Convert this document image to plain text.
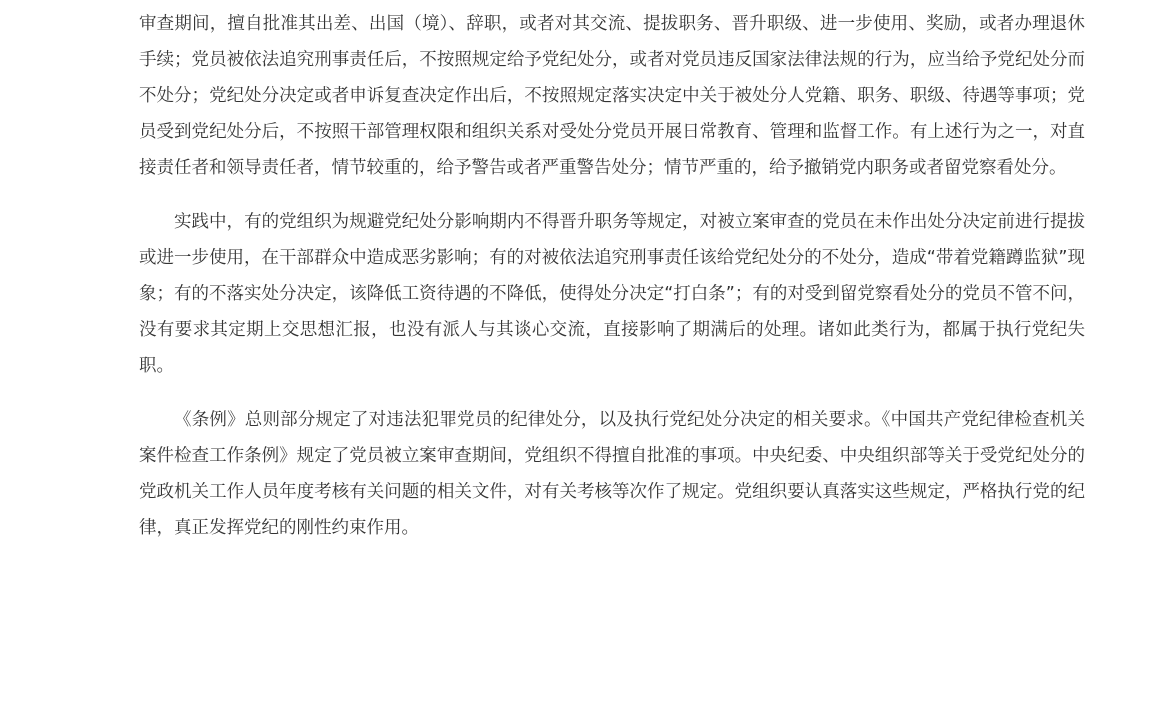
审查期间，擅自批准其出差、出国（境）、辞职，或者对其交流、提拔职务、晋升职级、进一步使用、奖励，或者办理退休手续；党员被依法追究刑事责任后，不按照规定给予党纪处分，或者对党员违反国家法律法规的行为，应当给予党纪处分而不处分；党纪处分决定或者申诉复查决定作出后，不按照规定落实决定中关于被处分人党籍、职务、职级、待遇等事项；党员受到党纪处分后，不按照干部管理权限和组织关系对受处分党员开展日常教育、管理和监督工作。有上述行为之一，对直接责任者和领导责任者，情节较重的，给予警告或者严重警告处分；情节严重的，给予撤销党内职务或者留党察看处分。

实践中，有的党组织为规避党纪处分影响期内不得晋升职务等规定，对被立案审查的党员在未作出处分决定前进行提拔或进一步使用，在干部群众中造成恶劣影响；有的对被依法追究刑事责任该给党纪处分的不处分，造成“带着党籍蹲监狱”现象；有的不落实处分决定，该降低工资待遇的不降低，使得处分决定“打白条”；有的对受到留党察看处分的党员不管不问，没有要求其定期上交思想汇报，也没有派人与其谈心交流，直接影响了期满后的处理。诸如此类行为，都属于执行党纪失职。

《条例》总则部分规定了对违法犯罪党员的纪律处分，以及执行党纪处分决定的相关要求。《中国共产党纪律检查机关案件检查工作条例》规定了党员被立案审查期间，党组织不得擅自批准的事项。中央纪委、中央组织部等关于受党纪处分的党政机关工作人员年度考核有关问题的相关文件，对有关考核等次作了规定。党组织要认真落实这些规定，严格执行党的纪律，真正发挥党纪的刚性约束作用。
